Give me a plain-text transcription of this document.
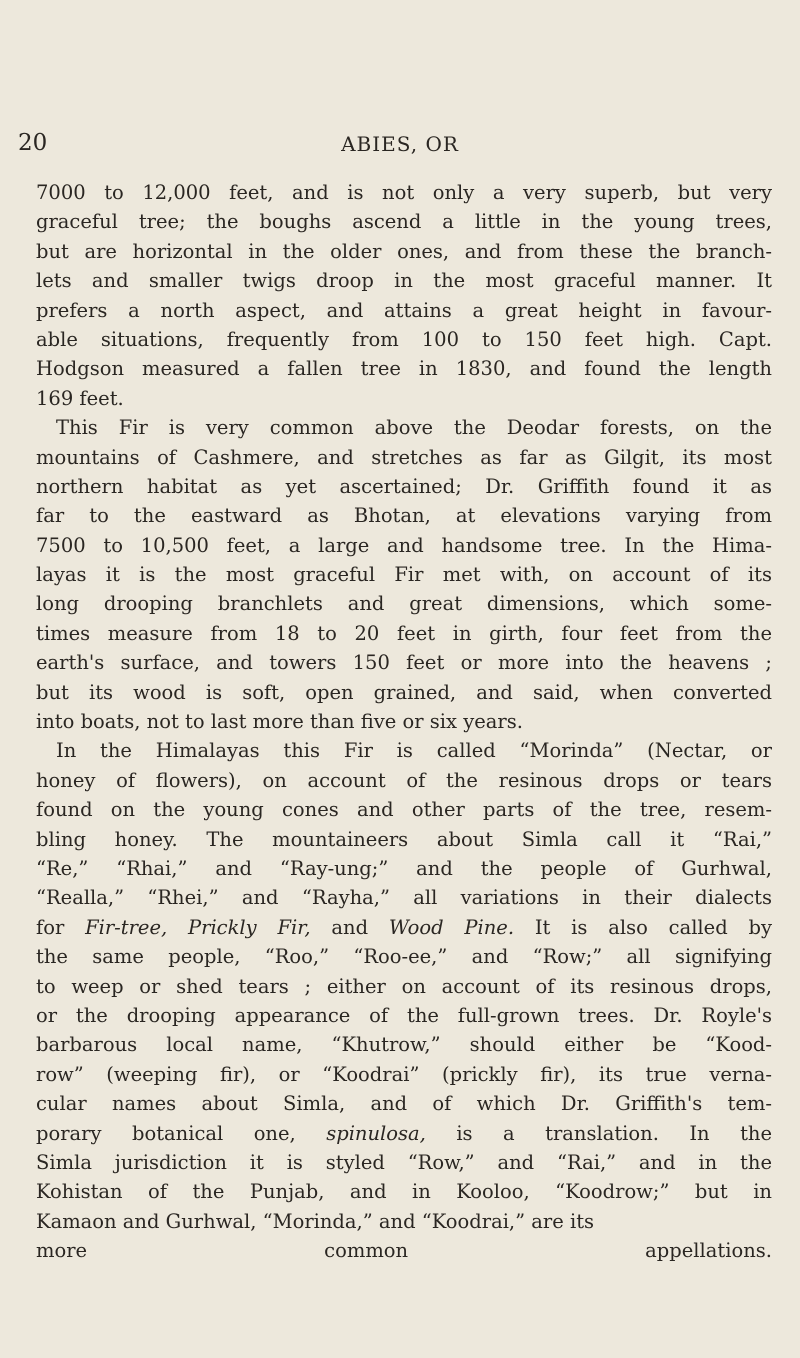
20	ABIES, OR
7000 to 12,000 feet, and is not only a very superb, but very
graceful tree; the boughs ascend a little in the young trees,
but are horizontal in the older ones, and from these the branch-
lets and smaller twigs droop in the most graceful manner. It
prefers a north aspect, and attains a great height in favour-
able situations, frequently from 100 to 150 feet high. Capt.
Hodgson measured a fallen tree in 1830, and found the length
169 feet.
This Fir is very common above the Deodar forests, on the
mountains of Cashmere, and stretches as far as Gilgit, its most
northern habitat as yet ascertained; Dr. Griffith found it as
far to the eastward as Bhotan, at elevations varying from
7500 to 10,500 feet, a large and handsome tree. In the Hima-
layas it is the most graceful Fir met with, on account of its
long drooping branchlets and great dimensions, which some-
times measure from 18 to 20 feet in girth, four feet from the
earth's surface, and towers 150 feet or more into the heavens ;
but its wood is soft, open grained, and said, when converted
into boats, not to last more than five or six years.
In the Himalayas this Fir is called “Morinda” (Nectar, or
honey of flowers), on account of the resinous drops or tears
found on the young cones and other parts of the tree, resem-
bling honey. The mountaineers about Simla call it “Rai,”
“Re,” “Rhai,” and “Ray-ung;” and the people of Gurhwal,
“Realla,” “Rhei,” and “Rayha,” all variations in their dialects
for Fir-tree, Prickly Fir, and Wood Pine. It is also called by
the same people, “Roo,” “Roo-ee,” and “Row;” all signifying
to weep or shed tears ; either on account of its resinous drops,
or the drooping appearance of the full-grown trees. Dr. Royle's
barbarous local name, “Khutrow,” should either be “Kood-
row” (weeping fir), or “Koodrai” (prickly fir), its true verna-
cular names about Simla, and of which Dr. Griffith's tem-
porary botanical one, spinulosa, is a translation. In the
Simla jurisdiction it is styled “Row,” and “Rai,” and in the
Kohistan of the Punjab, and in Kooloo, “Koodrow;” but in
Kamaon and Gurhwal, “Morinda,” and “Koodrai,” are its
more common appellations.
